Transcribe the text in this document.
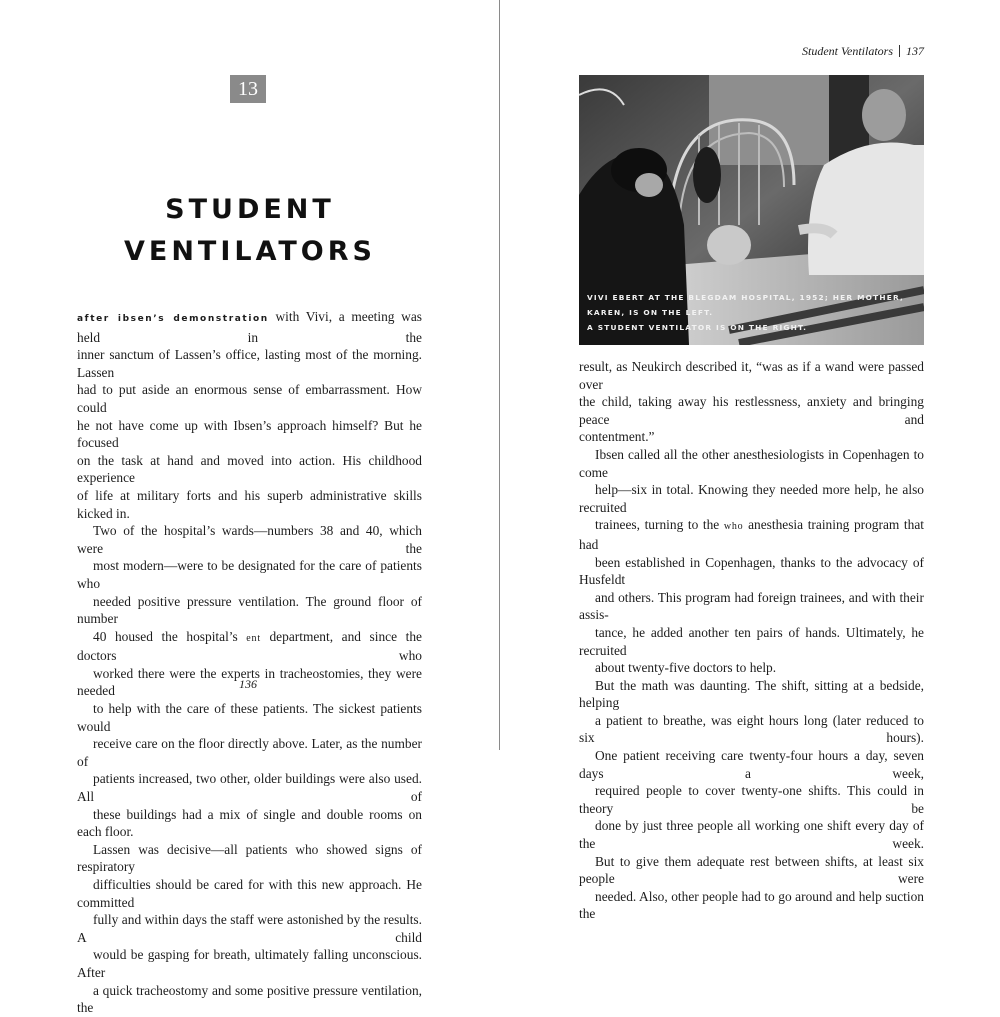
13
STUDENT
VENTILATORS

after ibsen’s demonstration with Vivi, a meeting was held in the
inner sanctum of Lassen’s office, lasting most of the morning. Lassen
had to put aside an enormous sense of embarrassment. How could
he not have come up with Ibsen’s approach himself? But he focused
on the task at hand and moved into action. His childhood experience
of life at military forts and his superb administrative skills kicked in.

Two of the hospital’s wards—numbers 38 and 40, which were the
most modern—were to be designated for the care of patients who
needed positive pressure ventilation. The ground floor of number
40 housed the hospital’s ent department, and since the doctors who
worked there were the experts in tracheostomies, they were needed
to help with the care of these patients. The sickest patients would
receive care on the floor directly above. Later, as the number of
patients increased, two other, older buildings were also used. All of
these buildings had a mix of single and double rooms on each floor.

Lassen was decisive—all patients who showed signs of respiratory
difficulties should be cared for with this new approach. He committed
fully and within days the staff were astonished by the results. A child
would be gasping for breath, ultimately falling unconscious. After
a quick tracheostomy and some positive pressure ventilation, the

136
Student Ventilators 137
VIVI EBERT AT THE BLEGDAM HOSPITAL, 1952; HER MOTHER, KAREN, IS ON THE LEFT.
A STUDENT VENTILATOR IS ON THE RIGHT.

result, as Neukirch described it, “was as if a wand were passed over
the child, taking away his restlessness, anxiety and bringing peace and
contentment.”

Ibsen called all the other anesthesiologists in Copenhagen to come
help—six in total. Knowing they needed more help, he also recruited
trainees, turning to the who anesthesia training program that had
been established in Copenhagen, thanks to the advocacy of Husfeldt
and others. This program had foreign trainees, and with their assis-
tance, he added another ten pairs of hands. Ultimately, he recruited
about twenty-five doctors to help.

But the math was daunting. The shift, sitting at a bedside, helping
a patient to breathe, was eight hours long (later reduced to six hours).
One patient receiving care twenty-four hours a day, seven days a week,
required people to cover twenty-one shifts. This could in theory be
done by just three people all working one shift every day of the week.
But to give them adequate rest between shifts, at least six people were
needed. Also, other people had to go around and help suction the
